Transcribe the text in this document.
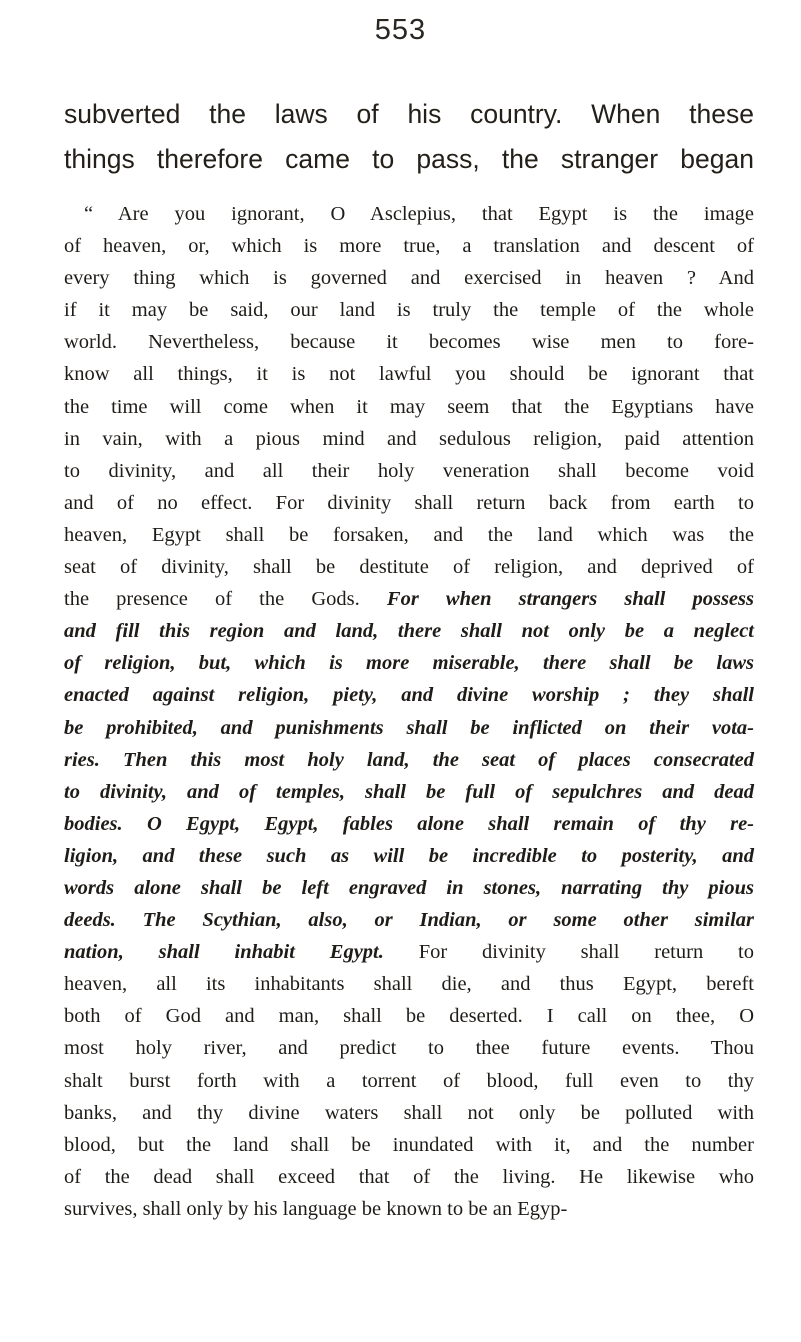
553
subverted the laws of his country. When these
things therefore came to pass, the stranger began
“ Are you ignorant, O Asclepius, that Egypt is the image
of heaven, or, which is more true, a translation and descent of
every thing which is governed and exercised in heaven ? And
if it may be said, our land is truly the temple of the whole
world. Nevertheless, because it becomes wise men to fore-
know all things, it is not lawful you should be ignorant that
the time will come when it may seem that the Egyptians have
in vain, with a pious mind and sedulous religion, paid attention
to divinity, and all their holy veneration shall become void
and of no effect. For divinity shall return back from earth to
heaven, Egypt shall be forsaken, and the land which was the
seat of divinity, shall be destitute of religion, and deprived of
the presence of the Gods. For when strangers shall possess
and fill this region and land, there shall not only be a neglect
of religion, but, which is more miserable, there shall be laws
enacted against religion, piety, and divine worship ; they shall
be prohibited, and punishments shall be inflicted on their vota-
ries. Then this most holy land, the seat of places consecrated
to divinity, and of temples, shall be full of sepulchres and dead
bodies. O Egypt, Egypt, fables alone shall remain of thy re-
ligion, and these such as will be incredible to posterity, and
words alone shall be left engraved in stones, narrating thy pious
deeds. The Scythian, also, or Indian, or some other similar
nation, shall inhabit Egypt. For divinity shall return to
heaven, all its inhabitants shall die, and thus Egypt, bereft
both of God and man, shall be deserted. I call on thee, O
most holy river, and predict to thee future events. Thou
shalt burst forth with a torrent of blood, full even to thy
banks, and thy divine waters shall not only be polluted with
blood, but the land shall be inundated with it, and the number
of the dead shall exceed that of the living. He likewise who
survives, shall only by his language be known to be an Egyp-
